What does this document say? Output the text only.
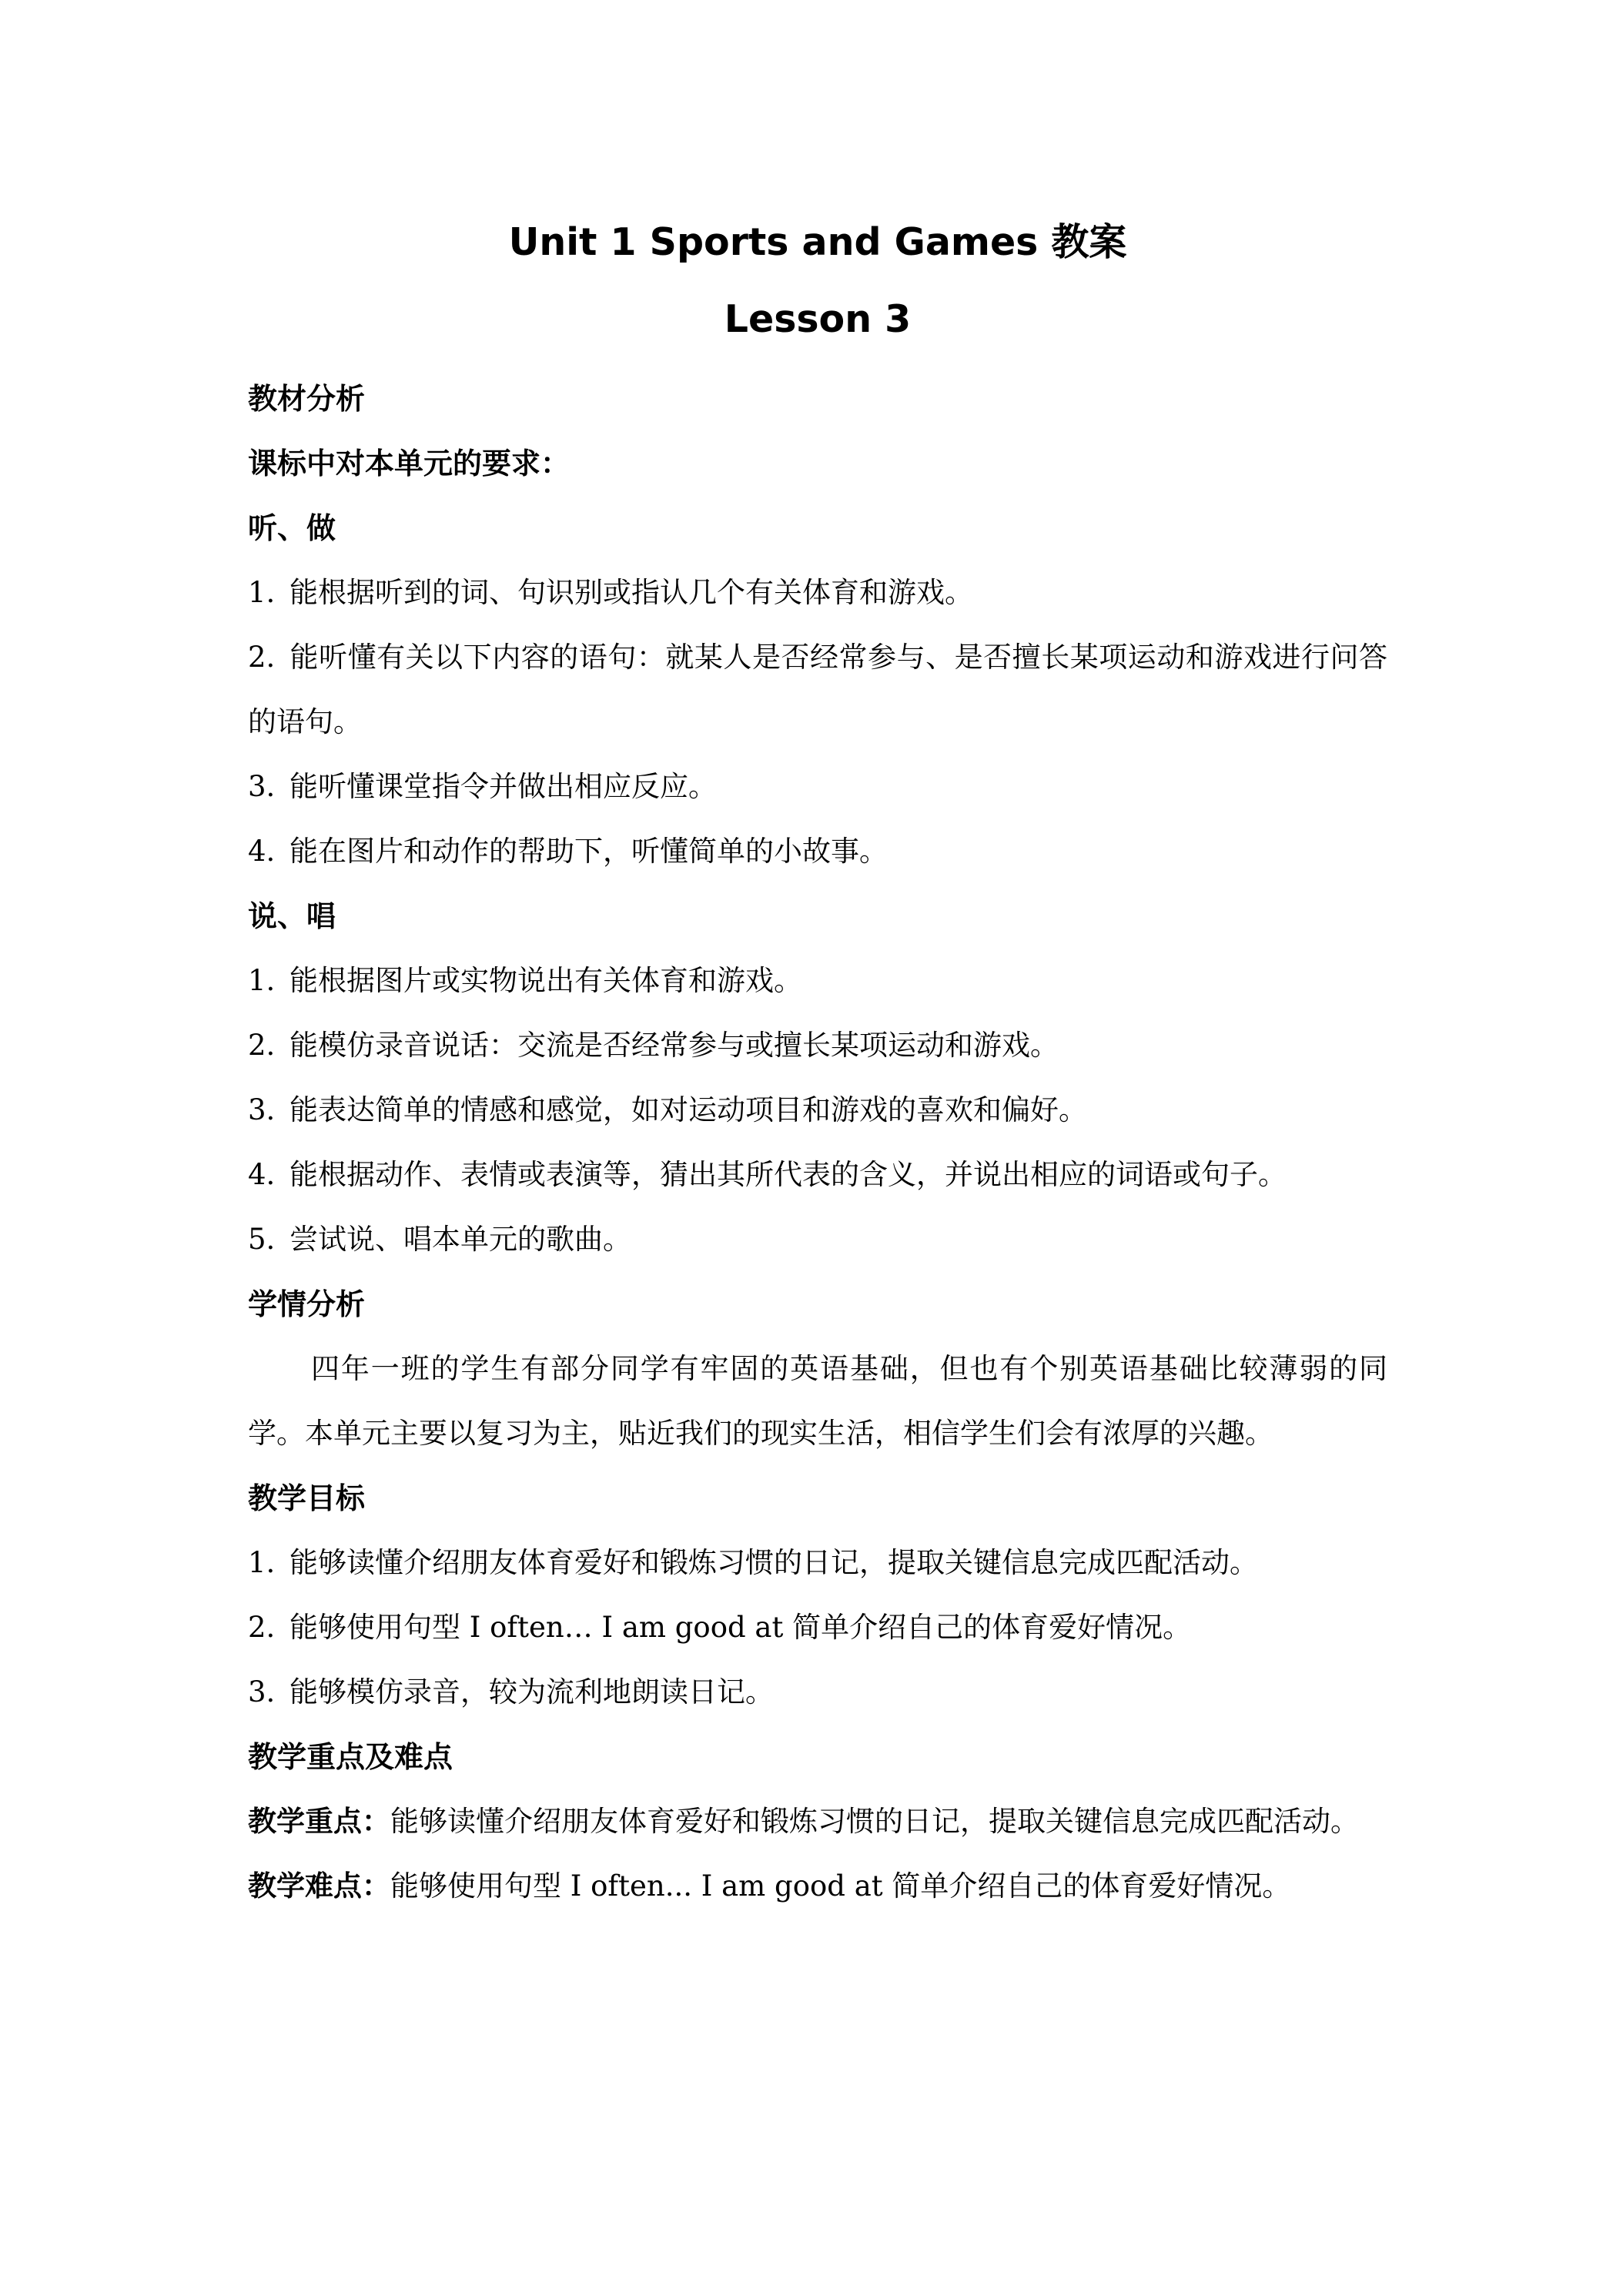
Unit 1 Sports and Games 教案
Lesson 3

教材分析

课标中对本单元的要求：

听、做

1. 能根据听到的词、句识别或指认几个有关体育和游戏。

2. 能听懂有关以下内容的语句：就某人是否经常参与、是否擅长某项运动和游戏进行问答的语句。

3. 能听懂课堂指令并做出相应反应。

4. 能在图片和动作的帮助下，听懂简单的小故事。

说、唱

1. 能根据图片或实物说出有关体育和游戏。

2. 能模仿录音说话：交流是否经常参与或擅长某项运动和游戏。

3. 能表达简单的情感和感觉，如对运动项目和游戏的喜欢和偏好。

4. 能根据动作、表情或表演等，猜出其所代表的含义，并说出相应的词语或句子。

5. 尝试说、唱本单元的歌曲。

学情分析

四年一班的学生有部分同学有牢固的英语基础，但也有个别英语基础比较薄弱的同学。本单元主要以复习为主，贴近我们的现实生活，相信学生们会有浓厚的兴趣。

教学目标

1. 能够读懂介绍朋友体育爱好和锻炼习惯的日记，提取关键信息完成匹配活动。

2. 能够使用句型 I often… I am good at 简单介绍自己的体育爱好情况。

3. 能够模仿录音，较为流利地朗读日记。

教学重点及难点

教学重点：能够读懂介绍朋友体育爱好和锻炼习惯的日记，提取关键信息完成匹配活动。

教学难点：能够使用句型 I often... I am good at 简单介绍自己的体育爱好情况。
